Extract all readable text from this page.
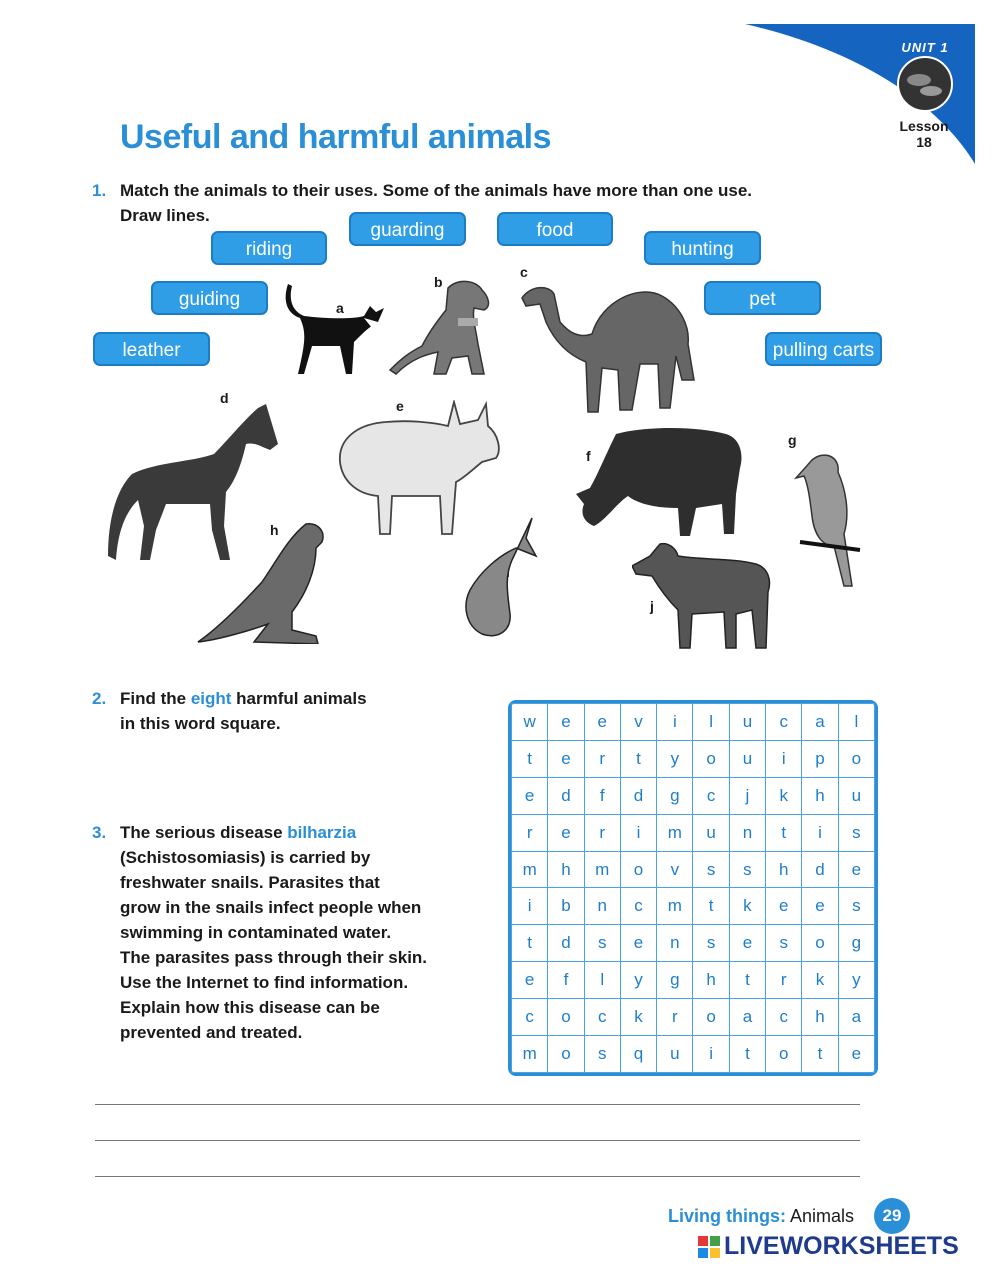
UNIT 1
Lesson
18
Useful and harmful animals
1. Match the animals to their uses. Some of the animals have more than one use.
Draw lines.
riding
guarding	food
hunting
guiding	pet
leather	pulling carts
a
b
c
d	e
f
g
h
j
2. Find the eight harmful animals
in this word square.
3. The serious disease bilharzia
(Schistosomiasis) is carried by
freshwater snails. Parasites that
grow in the snails infect people when
swimming in contaminated water.
The parasites pass through their skin.
Use the Internet to find information.
Explain how this disease can be
prevented and treated.
w	e	e	v	i	l	u	c	a	l
t	e	r	t	y	o	u	i	p	o
e	d	f	d	g	c	j	k	h	u
r	e	r	i	m	u	n	t	i	s
m	h	m	o	v	s	s	h	d	e
i	b	n	c	m	t	k	e	e	s
t	d	s	e	n	s	e	s	o	g
e	f	l	y	g	h	t	r	k	y
c	o	c	k	r	o	a	c	h	a
m	o	s	q	u	i	t	o	t	e
Living things: Animals	29
LIVEWORKSHEETS
